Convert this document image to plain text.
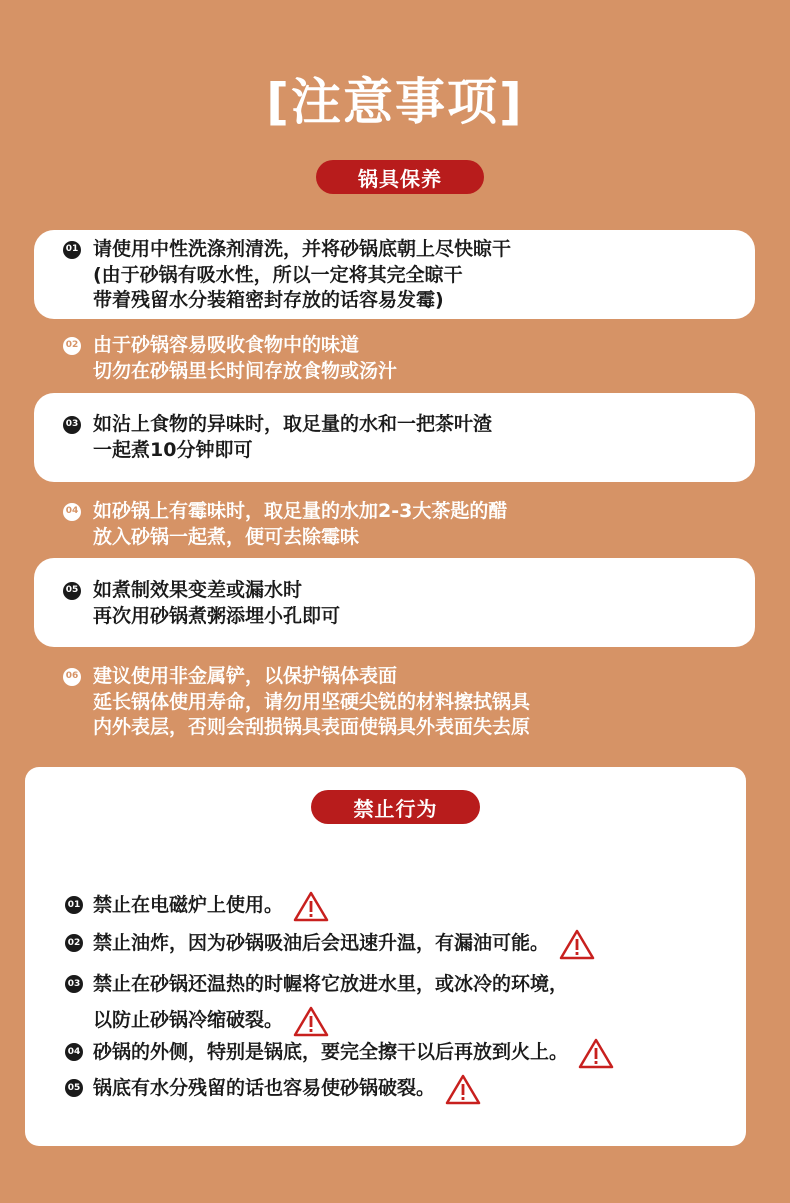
[注意事项]
锅具保养
01 请使用中性洗涤剂清洗，并将砂锅底朝上尽快晾干
(由于砂锅有吸水性，所以一定将其完全晾干
带着残留水分装箱密封存放的话容易发霉)
02 由于砂锅容易吸收食物中的味道
切勿在砂锅里长时间存放食物或汤汁
03 如沾上食物的异味时，取足量的水和一把茶叶渣
一起煮10分钟即可
04 如砂锅上有霉味时，取足量的水加2-3大茶匙的醋
放入砂锅一起煮，便可去除霉味
05 如煮制效果变差或漏水时
再次用砂锅煮粥添埋小孔即可
06 建议使用非金属铲，以保护锅体表面
延长锅体使用寿命，请勿用坚硬尖锐的材料擦拭锅具
内外表层，否则会刮损锅具表面使锅具外表面失去原
禁止行为
01 禁止在电磁炉上使用。
02 禁止油炸，因为砂锅吸油后会迅速升温，有漏油可能。
03 禁止在砂锅还温热的时幄将它放进水里，或冰冷的环境，
以防止砂锅冷缩破裂。
04 砂锅的外侧，特别是锅底，要完全擦干以后再放到火上。
05 锅底有水分残留的话也容易使砂锅破裂。
